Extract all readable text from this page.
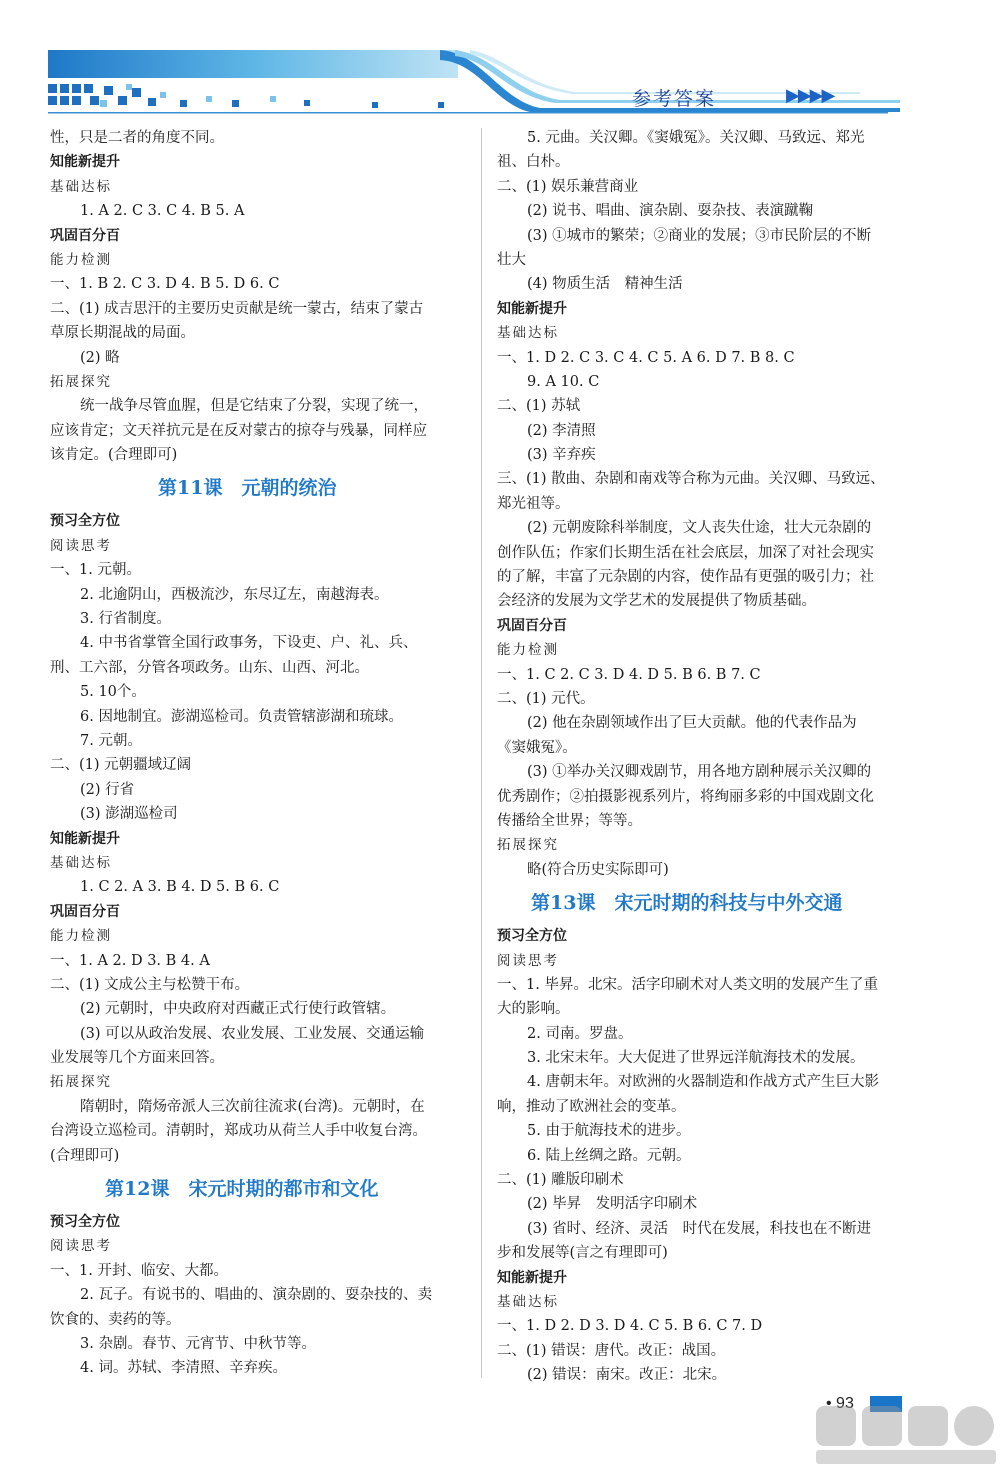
参考答案	▶▶▶▶
性，只是二者的角度不同。
知能新提升
基础达标
1. A 2. C 3. C 4. B 5. A
巩固百分百
能力检测
一、1. B 2. C 3. D 4. B 5. D 6. C
二、(1) 成吉思汗的主要历史贡献是统一蒙古，结束了蒙古
草原长期混战的局面。
(2) 略
拓展探究
统一战争尽管血腥，但是它结束了分裂，实现了统一，
应该肯定；文天祥抗元是在反对蒙古的掠夺与残暴，同样应
该肯定。(合理即可)
第11课　元朝的统治
预习全方位
阅读思考
一、1. 元朝。
2. 北逾阴山，西极流沙，东尽辽左，南越海表。
3. 行省制度。
4. 中书省掌管全国行政事务，下设吏、户、礼、兵、
刑、工六部，分管各项政务。山东、山西、河北。
5. 10个。
6. 因地制宜。澎湖巡检司。负责管辖澎湖和琉球。
7. 元朝。
二、(1) 元朝疆域辽阔
(2) 行省
(3) 澎湖巡检司
知能新提升
基础达标
1. C 2. A 3. B 4. D 5. B 6. C
巩固百分百
能力检测
一、1. A 2. D 3. B 4. A
二、(1) 文成公主与松赞干布。
(2) 元朝时，中央政府对西藏正式行使行政管辖。
(3) 可以从政治发展、农业发展、工业发展、交通运输
业发展等几个方面来回答。
拓展探究
隋朝时，隋炀帝派人三次前往流求(台湾)。元朝时，在
台湾设立巡检司。清朝时，郑成功从荷兰人手中收复台湾。
(合理即可)
第12课　宋元时期的都市和文化
预习全方位
阅读思考
一、1. 开封、临安、大都。
2. 瓦子。有说书的、唱曲的、演杂剧的、耍杂技的、卖
饮食的、卖药的等。
3. 杂剧。春节、元宵节、中秋节等。
4. 词。苏轼、李清照、辛弃疾。
5. 元曲。关汉卿。《窦娥冤》。关汉卿、马致远、郑光
祖、白朴。
二、(1) 娱乐兼营商业
(2) 说书、唱曲、演杂剧、耍杂技、表演蹴鞠
(3) ①城市的繁荣；②商业的发展；③市民阶层的不断
壮大
(4) 物质生活　精神生活
知能新提升
基础达标
一、1. D 2. C 3. C 4. C 5. A 6. D 7. B 8. C
9. A 10. C
二、(1) 苏轼
(2) 李清照
(3) 辛弃疾
三、(1) 散曲、杂剧和南戏等合称为元曲。关汉卿、马致远、
郑光祖等。
(2) 元朝废除科举制度，文人丧失仕途，壮大元杂剧的
创作队伍；作家们长期生活在社会底层，加深了对社会现实
的了解，丰富了元杂剧的内容，使作品有更强的吸引力；社
会经济的发展为文学艺术的发展提供了物质基础。
巩固百分百
能力检测
一、1. C 2. C 3. D 4. D 5. B 6. B 7. C
二、(1) 元代。
(2) 他在杂剧领域作出了巨大贡献。他的代表作品为
《窦娥冤》。
(3) ①举办关汉卿戏剧节，用各地方剧种展示关汉卿的
优秀剧作；②拍摄影视系列片，将绚丽多彩的中国戏剧文化
传播给全世界；等等。
拓展探究
略(符合历史实际即可)
第13课　宋元时期的科技与中外交通
预习全方位
阅读思考
一、1. 毕昇。北宋。活字印刷术对人类文明的发展产生了重
大的影响。
2. 司南。罗盘。
3. 北宋末年。大大促进了世界远洋航海技术的发展。
4. 唐朝末年。对欧洲的火器制造和作战方式产生巨大影
响，推动了欧洲社会的变革。
5. 由于航海技术的进步。
6. 陆上丝绸之路。元朝。
二、(1) 雕版印刷术
(2) 毕昇　发明活字印刷术
(3) 省时、经济、灵活　时代在发展，科技也在不断进
步和发展等(言之有理即可)
知能新提升
基础达标
一、1. D 2. D 3. D 4. C 5. B 6. C 7. D
二、(1) 错误：唐代。改正：战国。
(2) 错误：南宋。改正：北宋。
• 93
